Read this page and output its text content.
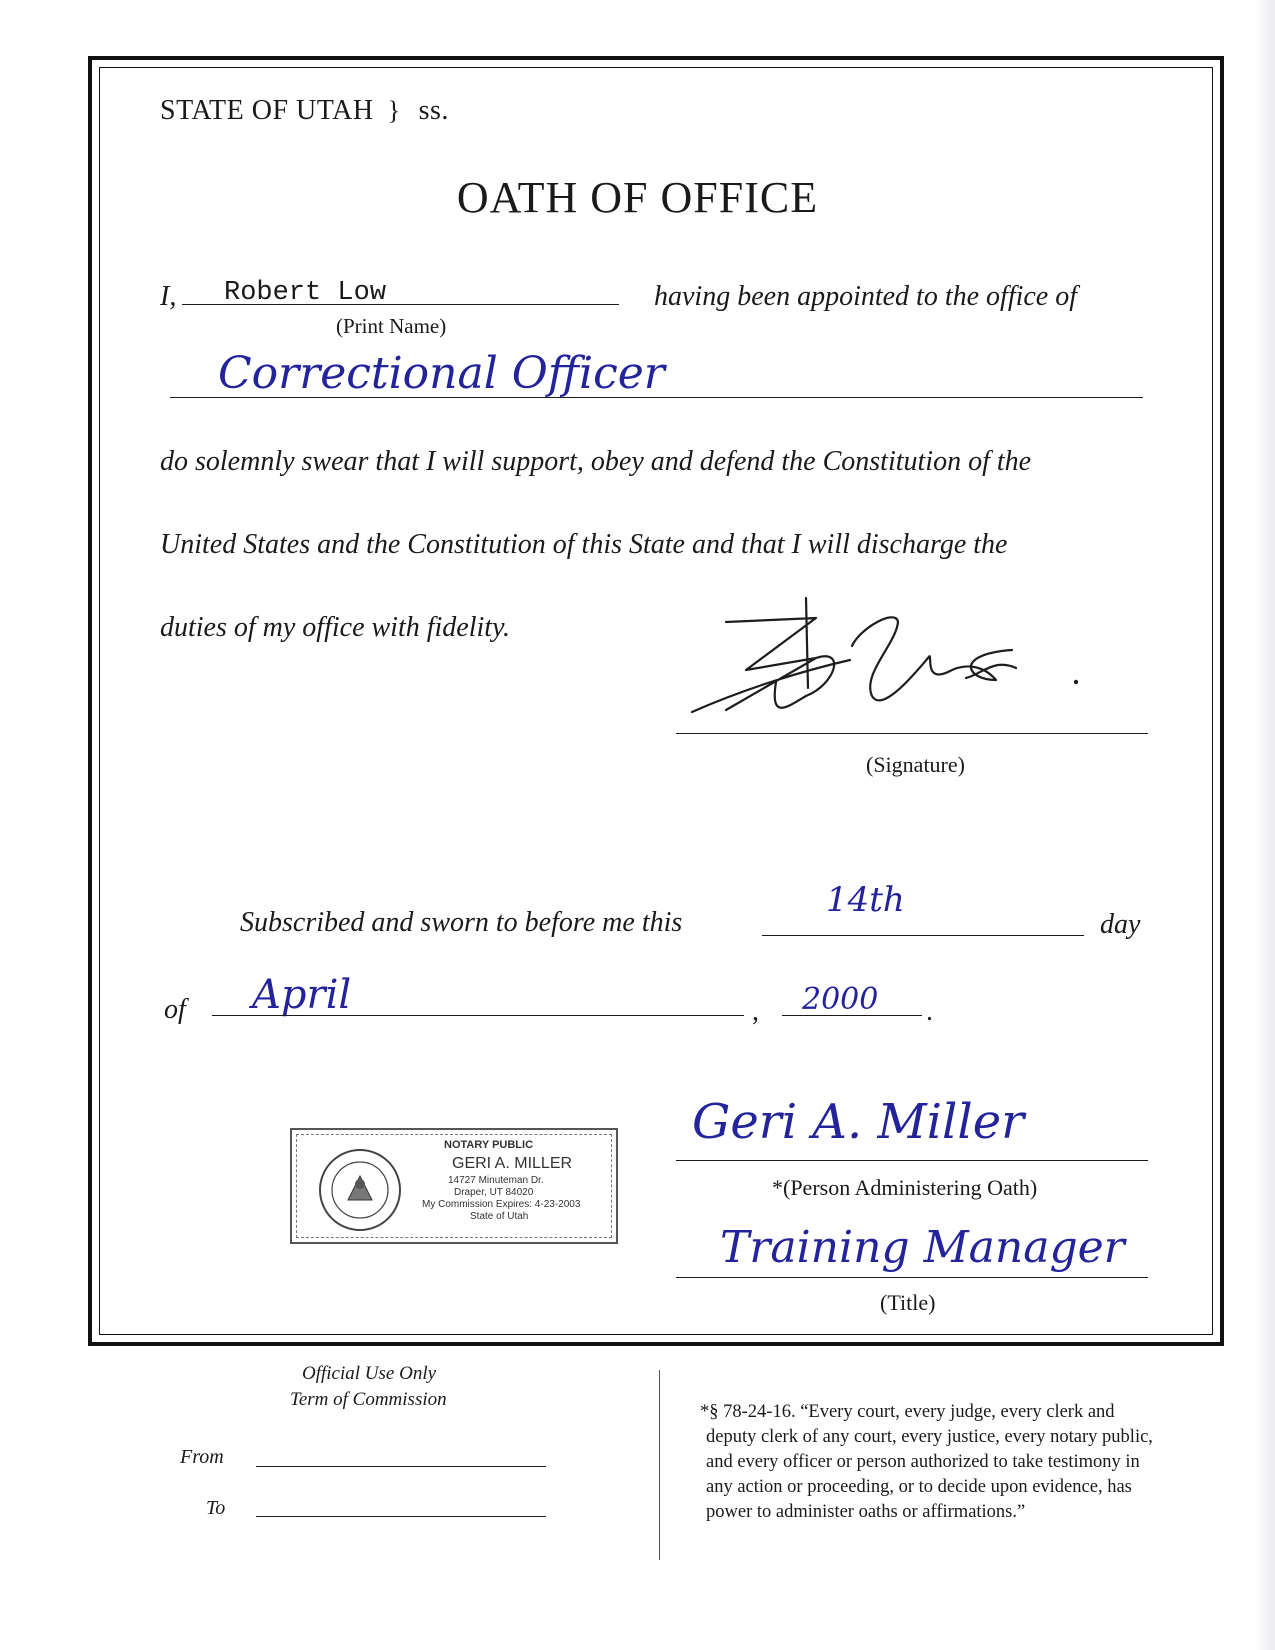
STATE OF UTAH } ss.
OATH OF OFFICE
I, Robert Low
(Print Name)
having been appointed to the office of
Correctional Officer
do solemnly swear that I will support, obey and defend the Constitution of the
United States and the Constitution of this State and that I will discharge the
duties of my office with fidelity.
(Signature)
Subscribed and sworn to before me this
14th
day
of April	, 2000 .
NOTARY PUBLIC
GERI A. MILLER
14727 Minuteman Dr.
Draper, UT 84020
My Commission Expires: 4-23-2003
State of Utah
Geri A. Miller
*(Person Administering Oath)
Training Manager
(Title)
Official Use Only
Term of Commission
From
To
*§ 78-24-16. “Every court, every judge, every clerk and
deputy clerk of any court, every justice, every notary public,
and every officer or person authorized to take testimony in
any action or proceeding, or to decide upon evidence, has
power to administer oaths or affirmations.”
